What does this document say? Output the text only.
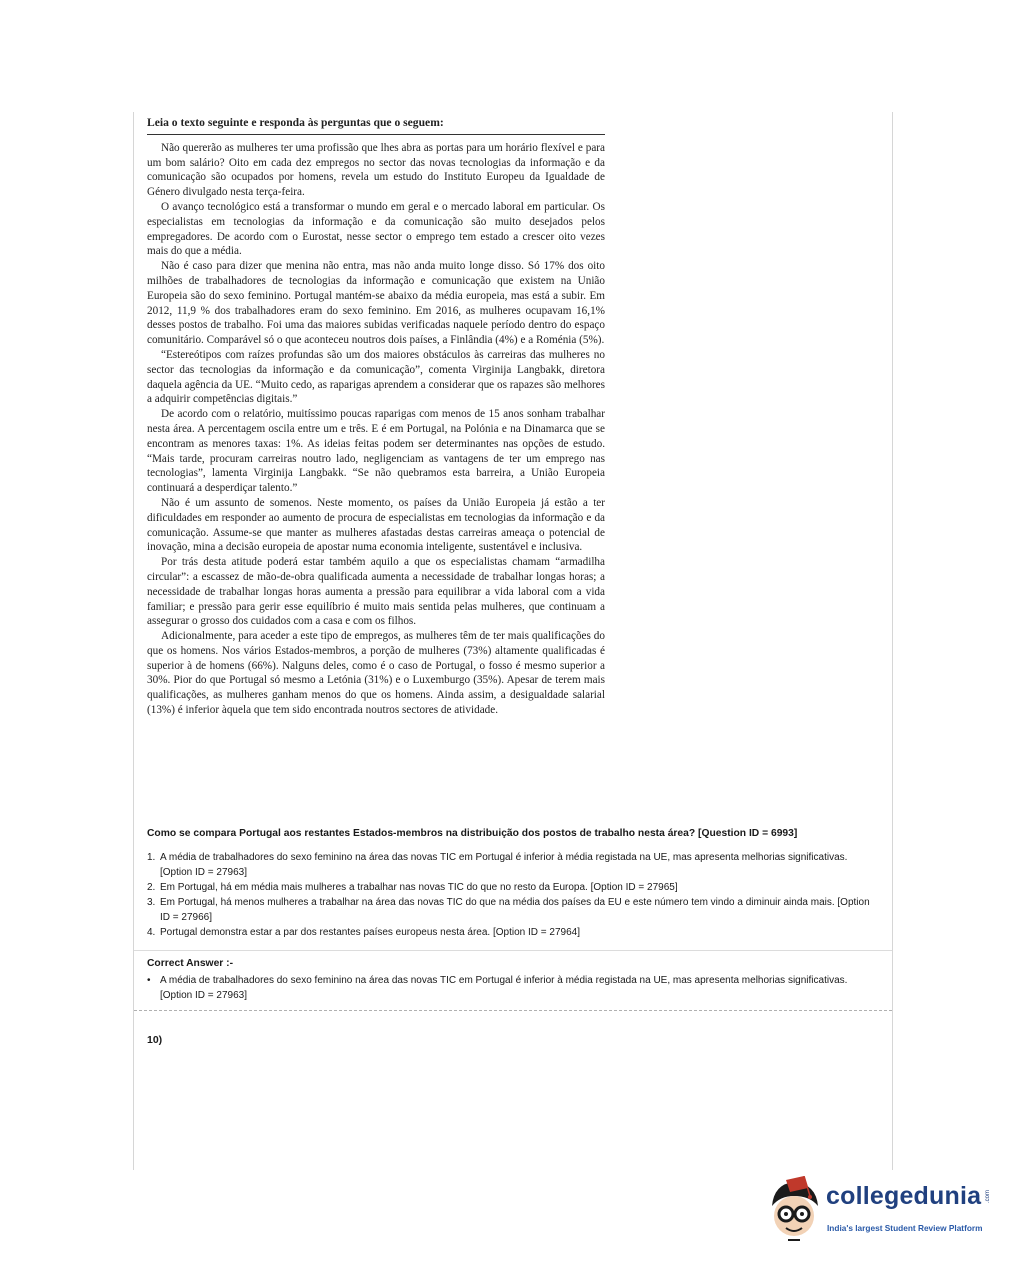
Leia o texto seguinte e responda às perguntas que o seguem:

Não quererão as mulheres ter uma profissão que lhes abra as portas para um horário flexível e para um bom salário? Oito em cada dez empregos no sector das novas tecnologias da informação e da comunicação são ocupados por homens, revela um estudo do Instituto Europeu da Igualdade de Género divulgado nesta terça-feira.

O avanço tecnológico está a transformar o mundo em geral e o mercado laboral em particular. Os especialistas em tecnologias da informação e da comunicação são muito desejados pelos empregadores. De acordo com o Eurostat, nesse sector o emprego tem estado a crescer oito vezes mais do que a média.

Não é caso para dizer que menina não entra, mas não anda muito longe disso. Só 17% dos oito milhões de trabalhadores de tecnologias da informação e comunicação que existem na União Europeia são do sexo feminino. Portugal mantém-se abaixo da média europeia, mas está a subir. Em 2012, 11,9 % dos trabalhadores eram do sexo feminino. Em 2016, as mulheres ocupavam 16,1% desses postos de trabalho. Foi uma das maiores subidas verificadas naquele período dentro do espaço comunitário. Comparável só o que aconteceu noutros dois países, a Finlândia (4%) e a Roménia (5%).

“Estereótipos com raízes profundas são um dos maiores obstáculos às carreiras das mulheres no sector das tecnologias da informação e da comunicação”, comenta Virginija Langbakk, diretora daquela agência da UE. “Muito cedo, as raparigas aprendem a considerar que os rapazes são melhores a adquirir competências digitais.”

De acordo com o relatório, muitíssimo poucas raparigas com menos de 15 anos sonham trabalhar nesta área. A percentagem oscila entre um e três. E é em Portugal, na Polónia e na Dinamarca que se encontram as menores taxas: 1%. As ideias feitas podem ser determinantes nas opções de estudo. “Mais tarde, procuram carreiras noutro lado, negligenciam as vantagens de ter um emprego nas tecnologias”, lamenta Virginija Langbakk. “Se não quebramos esta barreira, a União Europeia continuará a desperdiçar talento.”

Não é um assunto de somenos. Neste momento, os países da União Europeia já estão a ter dificuldades em responder ao aumento de procura de especialistas em tecnologias da informação e da comunicação. Assume-se que manter as mulheres afastadas destas carreiras ameaça o potencial de inovação, mina a decisão europeia de apostar numa economia inteligente, sustentável e inclusiva.

Por trás desta atitude poderá estar também aquilo a que os especialistas chamam “armadilha circular”: a escassez de mão-de-obra qualificada aumenta a necessidade de trabalhar longas horas; a necessidade de trabalhar longas horas aumenta a pressão para equilibrar a vida laboral com a vida familiar; e pressão para gerir esse equilíbrio é muito mais sentida pelas mulheres, que continuam a assegurar o grosso dos cuidados com a casa e com os filhos.

Adicionalmente, para aceder a este tipo de empregos, as mulheres têm de ter mais qualificações do que os homens. Nos vários Estados-membros, a porção de mulheres (73%) altamente qualificadas é superior à de homens (66%). Nalguns deles, como é o caso de Portugal, o fosso é mesmo superior a 30%. Pior do que Portugal só mesmo a Letónia (31%) e o Luxemburgo (35%). Apesar de terem mais qualificações, as mulheres ganham menos do que os homens. Ainda assim, a desigualdade salarial (13%) é inferior àquela que tem sido encontrada noutros sectores de atividade.

Como se compara Portugal aos restantes Estados-membros na distribuição dos postos de trabalho nesta área? [Question ID = 6993]
1. A média de trabalhadores do sexo feminino na área das novas TIC em Portugal é inferior à média registada na UE, mas apresenta melhorias significativas. [Option ID = 27963]
2. Em Portugal, há em média mais mulheres a trabalhar nas novas TIC do que no resto da Europa. [Option ID = 27965]
3. Em Portugal, há menos mulheres a trabalhar na área das novas TIC do que na média dos países da EU e este número tem vindo a diminuir ainda mais. [Option ID = 27966]
4. Portugal demonstra estar a par dos restantes países europeus nesta área. [Option ID = 27964]
Correct Answer :-
• A média de trabalhadores do sexo feminino na área das novas TIC em Portugal é inferior à média registada na UE, mas apresenta melhorias significativas. [Option ID = 27963]
10)
collegedunia .com
India's largest Student Review Platform
